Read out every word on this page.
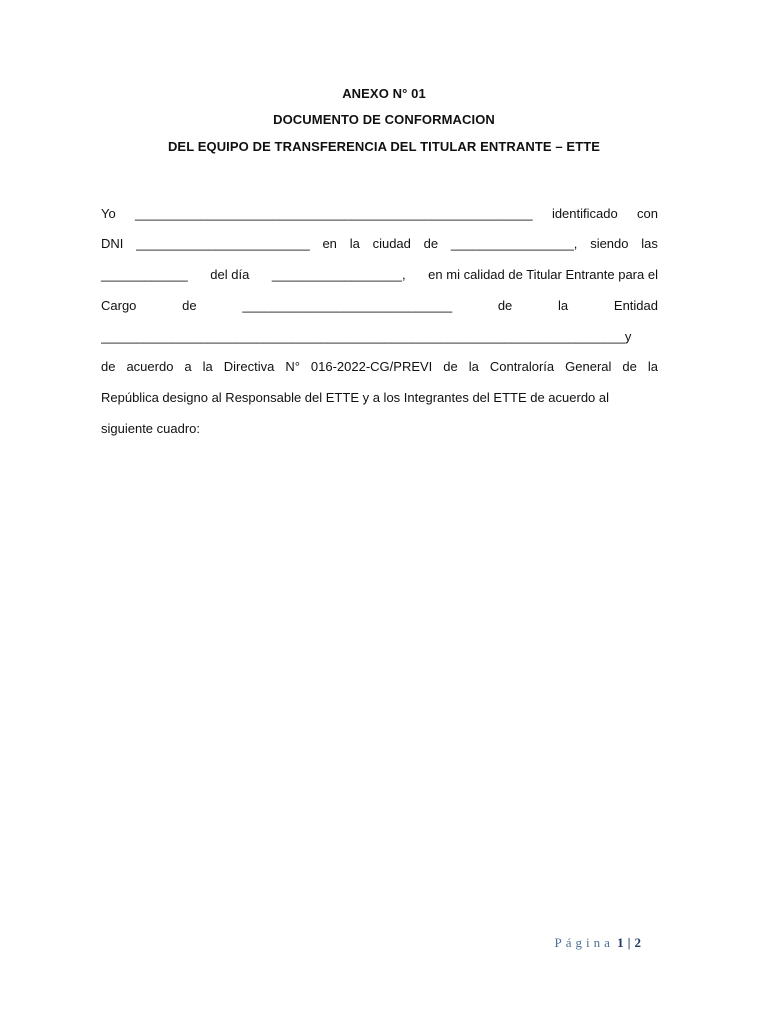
ANEXO N° 01
DOCUMENTO DE CONFORMACION
DEL EQUIPO DE TRANSFERENCIA DEL TITULAR ENTRANTE – ETTE
Yo _______________________________________________________ identificado con
DNI ________________________ en la ciudad de _________________, siendo las
____________ del día __________________, en mi calidad de Titular Entrante para el
Cargo	de	_____________________________	de	la	Entidad
__________________________________________________________________________y
de acuerdo a la Directiva N° 016-2022-CG/PREVI de la Contraloría General de la
República designo al Responsable del ETTE y a los Integrantes del ETTE de acuerdo al
siguiente cuadro:
Página 1 | 2
